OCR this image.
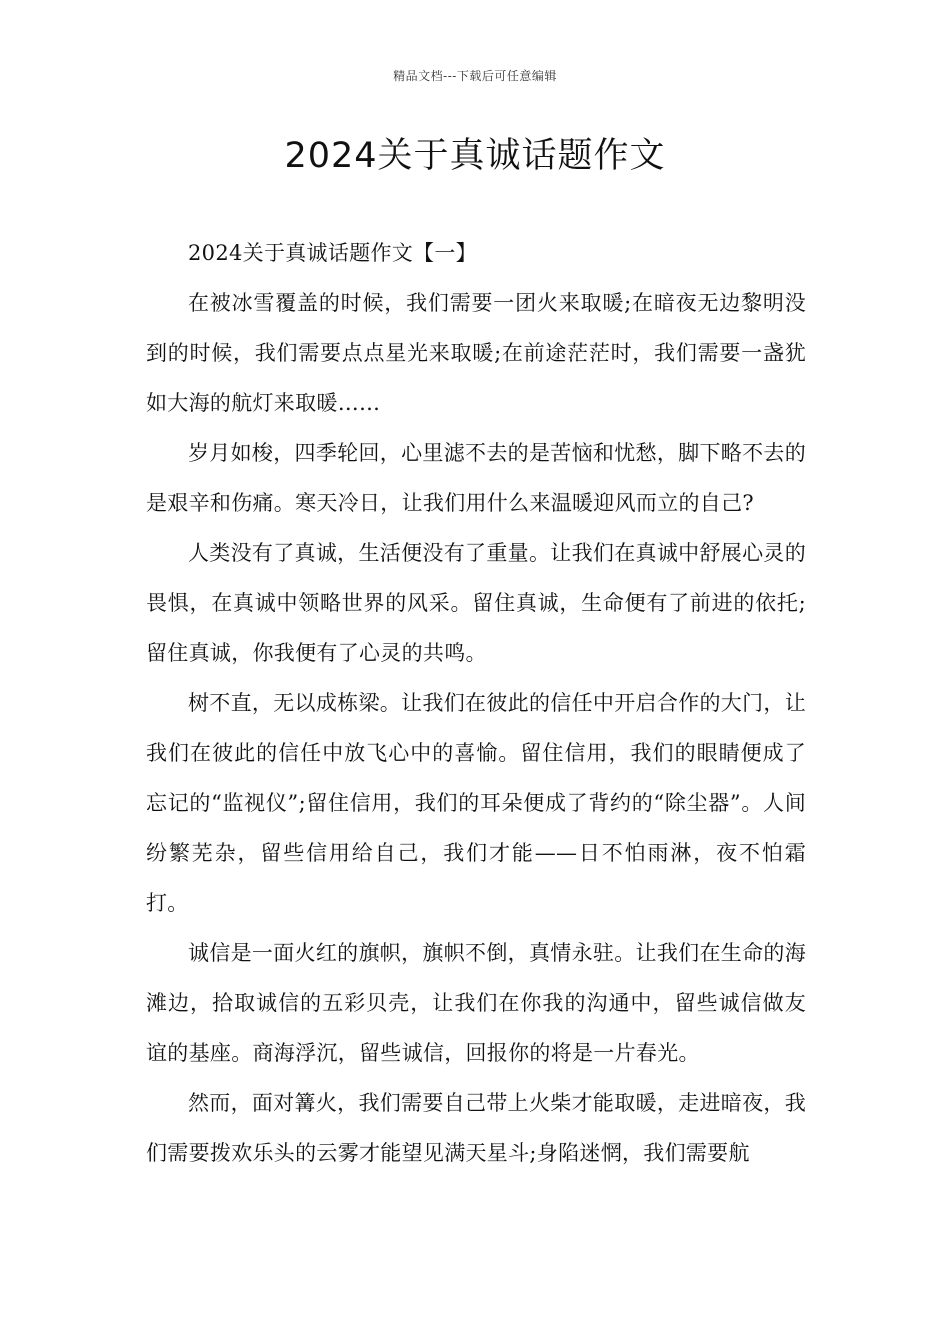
精品文档---下载后可任意编辑
2024关于真诚话题作文

2024关于真诚话题作文【一】

在被冰雪覆盖的时候，我们需要一团火来取暖;在暗夜无边黎明没到的时候，我们需要点点星光来取暖;在前途茫茫时，我们需要一盏犹如大海的航灯来取暖……

岁月如梭，四季轮回，心里滤不去的是苦恼和忧愁，脚下略不去的是艰辛和伤痛。寒天冷日，让我们用什么来温暖迎风而立的自己?

人类没有了真诚，生活便没有了重量。让我们在真诚中舒展心灵的畏惧，在真诚中领略世界的风采。留住真诚，生命便有了前进的依托;留住真诚，你我便有了心灵的共鸣。

树不直，无以成栋梁。让我们在彼此的信任中开启合作的大门，让我们在彼此的信任中放飞心中的喜愉。留住信用，我们的眼睛便成了忘记的“监视仪”;留住信用，我们的耳朵便成了背约的“除尘器”。人间纷繁芜杂，留些信用给自己，我们才能——日不怕雨淋，夜不怕霜打。

诚信是一面火红的旗帜，旗帜不倒，真情永驻。让我们在生命的海滩边，拾取诚信的五彩贝壳，让我们在你我的沟通中，留些诚信做友谊的基座。商海浮沉，留些诚信，回报你的将是一片春光。

然而，面对篝火，我们需要自己带上火柴才能取暖，走进暗夜，我们需要拨欢乐头的云雾才能望见满天星斗;身陷迷惘，我们需要航
